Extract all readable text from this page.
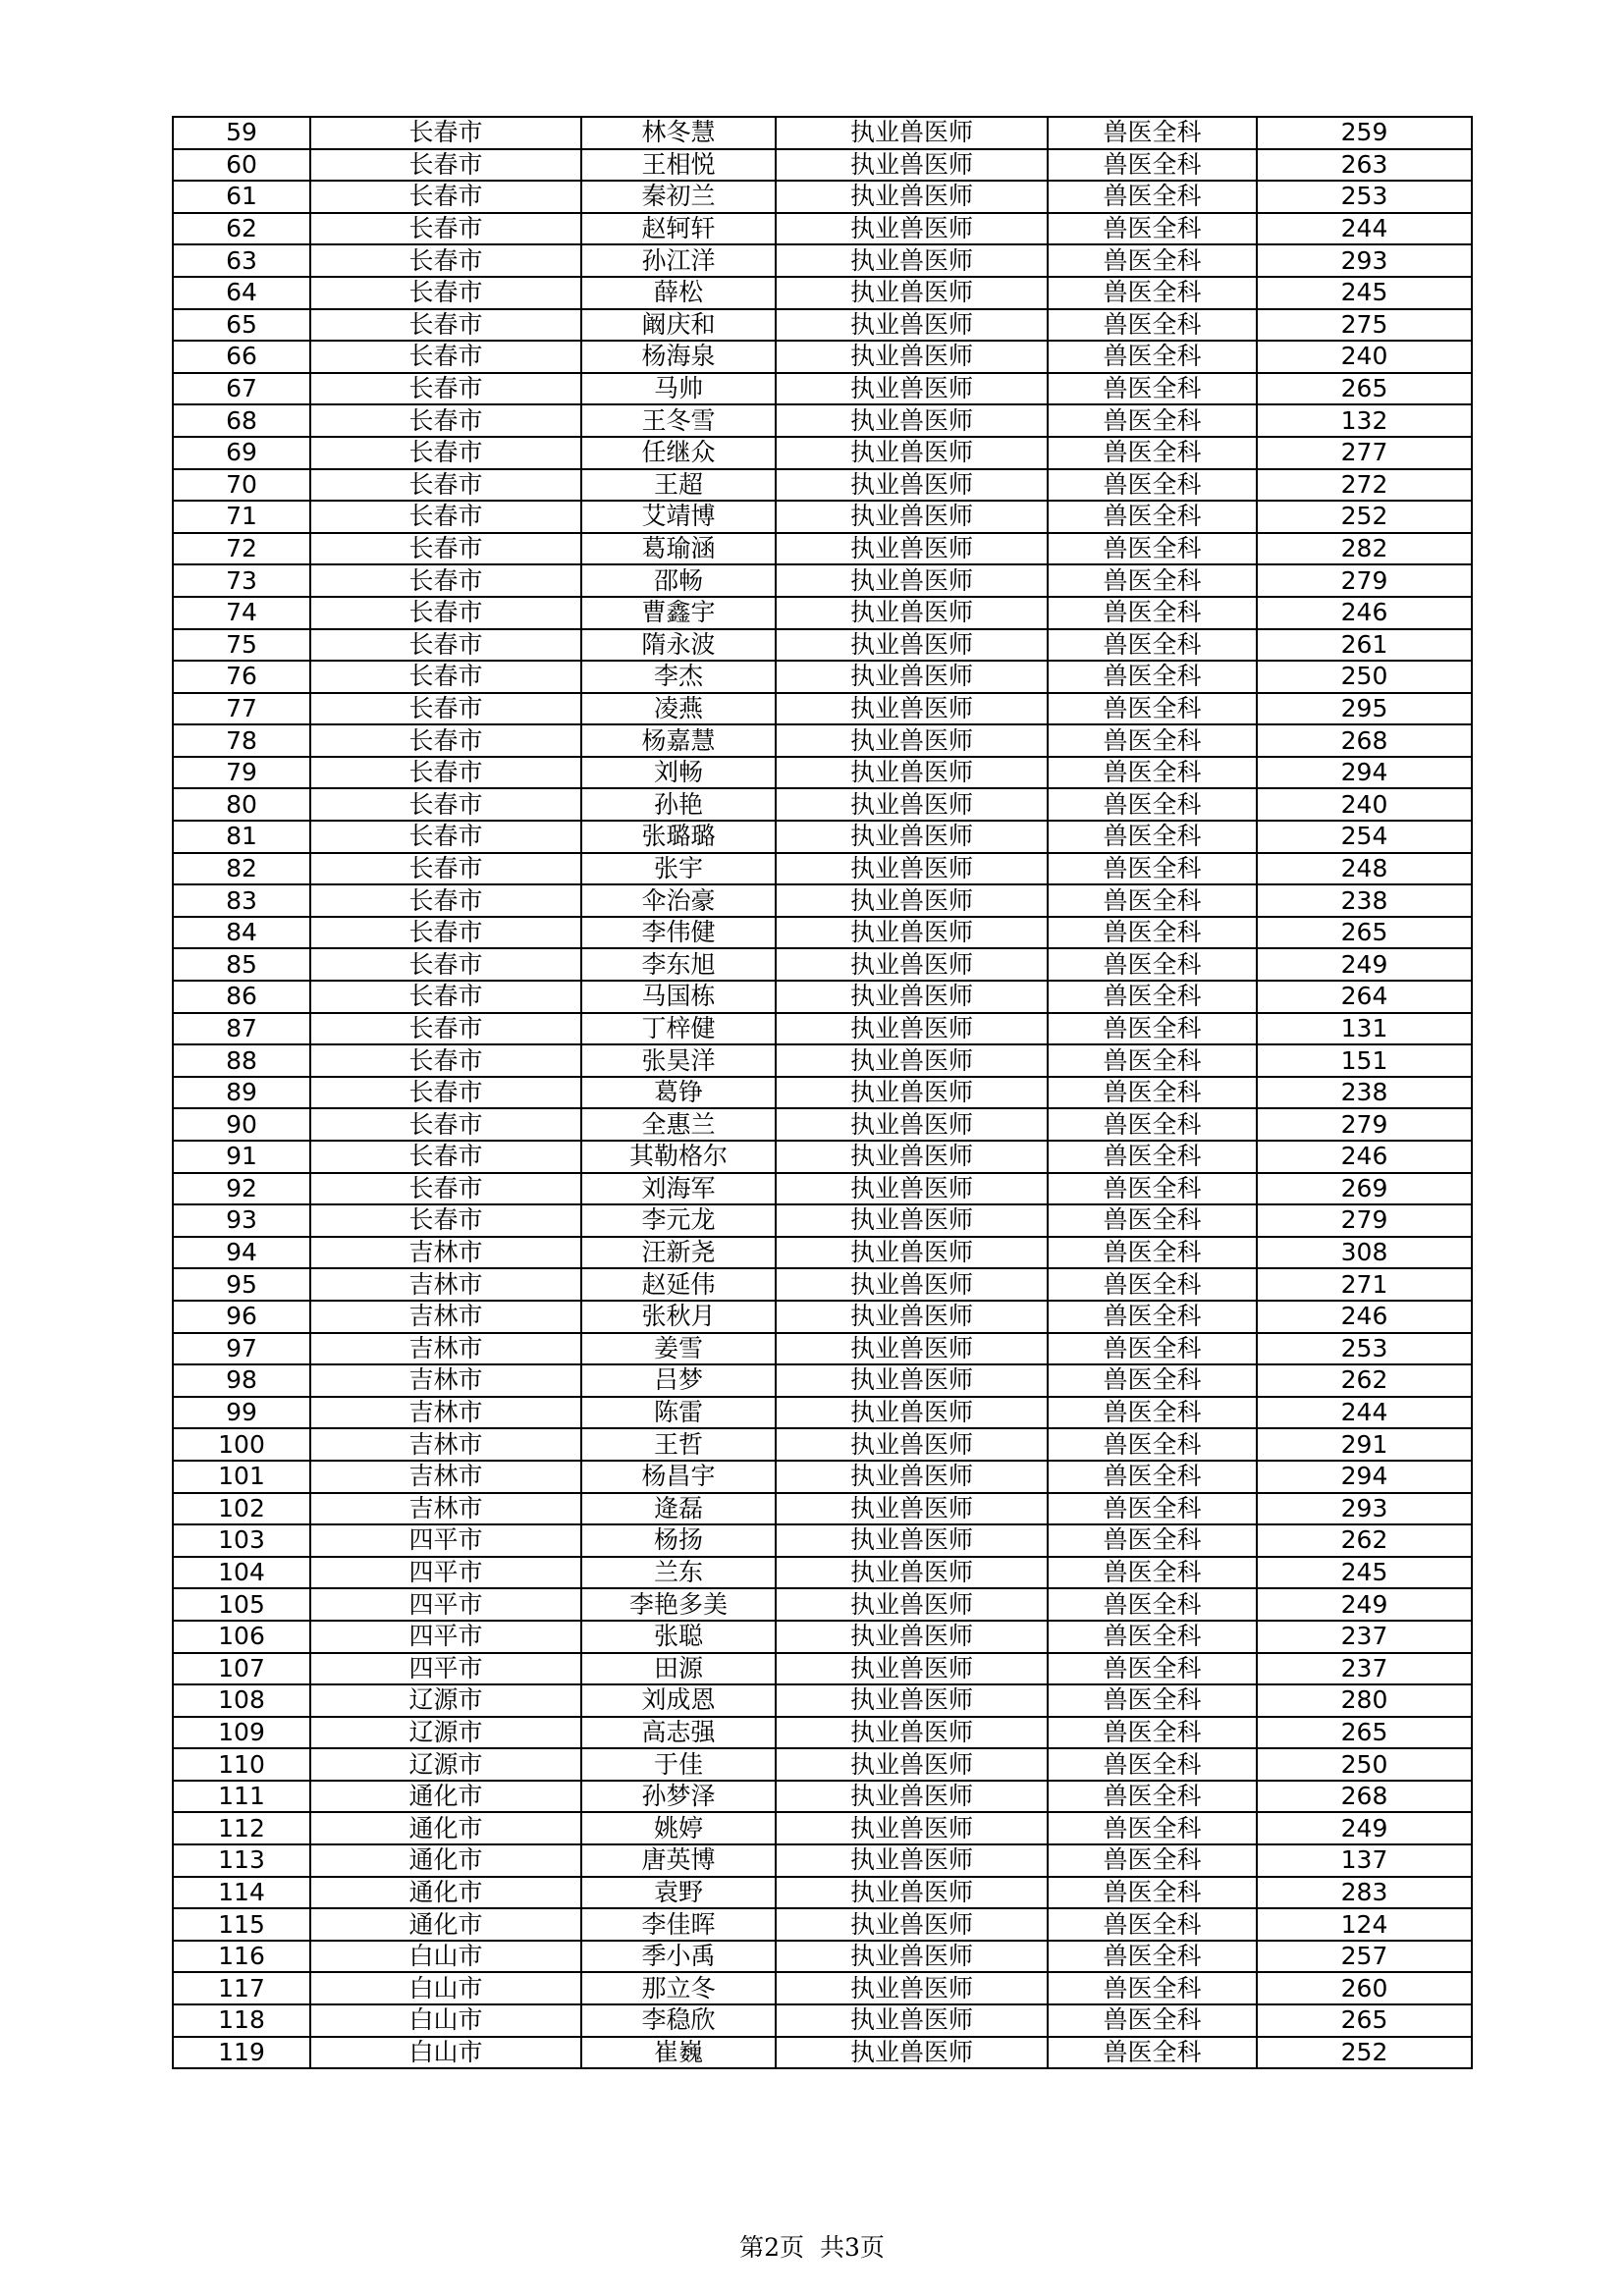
59	长春市	林冬慧	执业兽医师	兽医全科	259
60	长春市	王相悦	执业兽医师	兽医全科	263
61	长春市	秦初兰	执业兽医师	兽医全科	253
62	长春市	赵轲轩	执业兽医师	兽医全科	244
63	长春市	孙江洋	执业兽医师	兽医全科	293
64	长春市	薛松	执业兽医师	兽医全科	245
65	长春市	阚庆和	执业兽医师	兽医全科	275
66	长春市	杨海泉	执业兽医师	兽医全科	240
67	长春市	马帅	执业兽医师	兽医全科	265
68	长春市	王冬雪	执业兽医师	兽医全科	132
69	长春市	任继众	执业兽医师	兽医全科	277
70	长春市	王超	执业兽医师	兽医全科	272
71	长春市	艾靖博	执业兽医师	兽医全科	252
72	长春市	葛瑜涵	执业兽医师	兽医全科	282
73	长春市	邵畅	执业兽医师	兽医全科	279
74	长春市	曹鑫宇	执业兽医师	兽医全科	246
75	长春市	隋永波	执业兽医师	兽医全科	261
76	长春市	李杰	执业兽医师	兽医全科	250
77	长春市	凌燕	执业兽医师	兽医全科	295
78	长春市	杨嘉慧	执业兽医师	兽医全科	268
79	长春市	刘畅	执业兽医师	兽医全科	294
80	长春市	孙艳	执业兽医师	兽医全科	240
81	长春市	张璐璐	执业兽医师	兽医全科	254
82	长春市	张宇	执业兽医师	兽医全科	248
83	长春市	伞治豪	执业兽医师	兽医全科	238
84	长春市	李伟健	执业兽医师	兽医全科	265
85	长春市	李东旭	执业兽医师	兽医全科	249
86	长春市	马国栋	执业兽医师	兽医全科	264
87	长春市	丁梓健	执业兽医师	兽医全科	131
88	长春市	张昊洋	执业兽医师	兽医全科	151
89	长春市	葛铮	执业兽医师	兽医全科	238
90	长春市	全惠兰	执业兽医师	兽医全科	279
91	长春市	其勒格尔	执业兽医师	兽医全科	246
92	长春市	刘海军	执业兽医师	兽医全科	269
93	长春市	李元龙	执业兽医师	兽医全科	279
94	吉林市	汪新尧	执业兽医师	兽医全科	308
95	吉林市	赵延伟	执业兽医师	兽医全科	271
96	吉林市	张秋月	执业兽医师	兽医全科	246
97	吉林市	姜雪	执业兽医师	兽医全科	253
98	吉林市	吕梦	执业兽医师	兽医全科	262
99	吉林市	陈雷	执业兽医师	兽医全科	244
100	吉林市	王哲	执业兽医师	兽医全科	291
101	吉林市	杨昌宇	执业兽医师	兽医全科	294
102	吉林市	逄磊	执业兽医师	兽医全科	293
103	四平市	杨扬	执业兽医师	兽医全科	262
104	四平市	兰东	执业兽医师	兽医全科	245
105	四平市	李艳多美	执业兽医师	兽医全科	249
106	四平市	张聪	执业兽医师	兽医全科	237
107	四平市	田源	执业兽医师	兽医全科	237
108	辽源市	刘成恩	执业兽医师	兽医全科	280
109	辽源市	高志强	执业兽医师	兽医全科	265
110	辽源市	于佳	执业兽医师	兽医全科	250
111	通化市	孙梦泽	执业兽医师	兽医全科	268
112	通化市	姚婷	执业兽医师	兽医全科	249
113	通化市	唐英博	执业兽医师	兽医全科	137
114	通化市	袁野	执业兽医师	兽医全科	283
115	通化市	李佳晖	执业兽医师	兽医全科	124
116	白山市	季小禹	执业兽医师	兽医全科	257
117	白山市	那立冬	执业兽医师	兽医全科	260
118	白山市	李稳欣	执业兽医师	兽医全科	265
119	白山市	崔巍	执业兽医师	兽医全科	252
第2页  共3页
